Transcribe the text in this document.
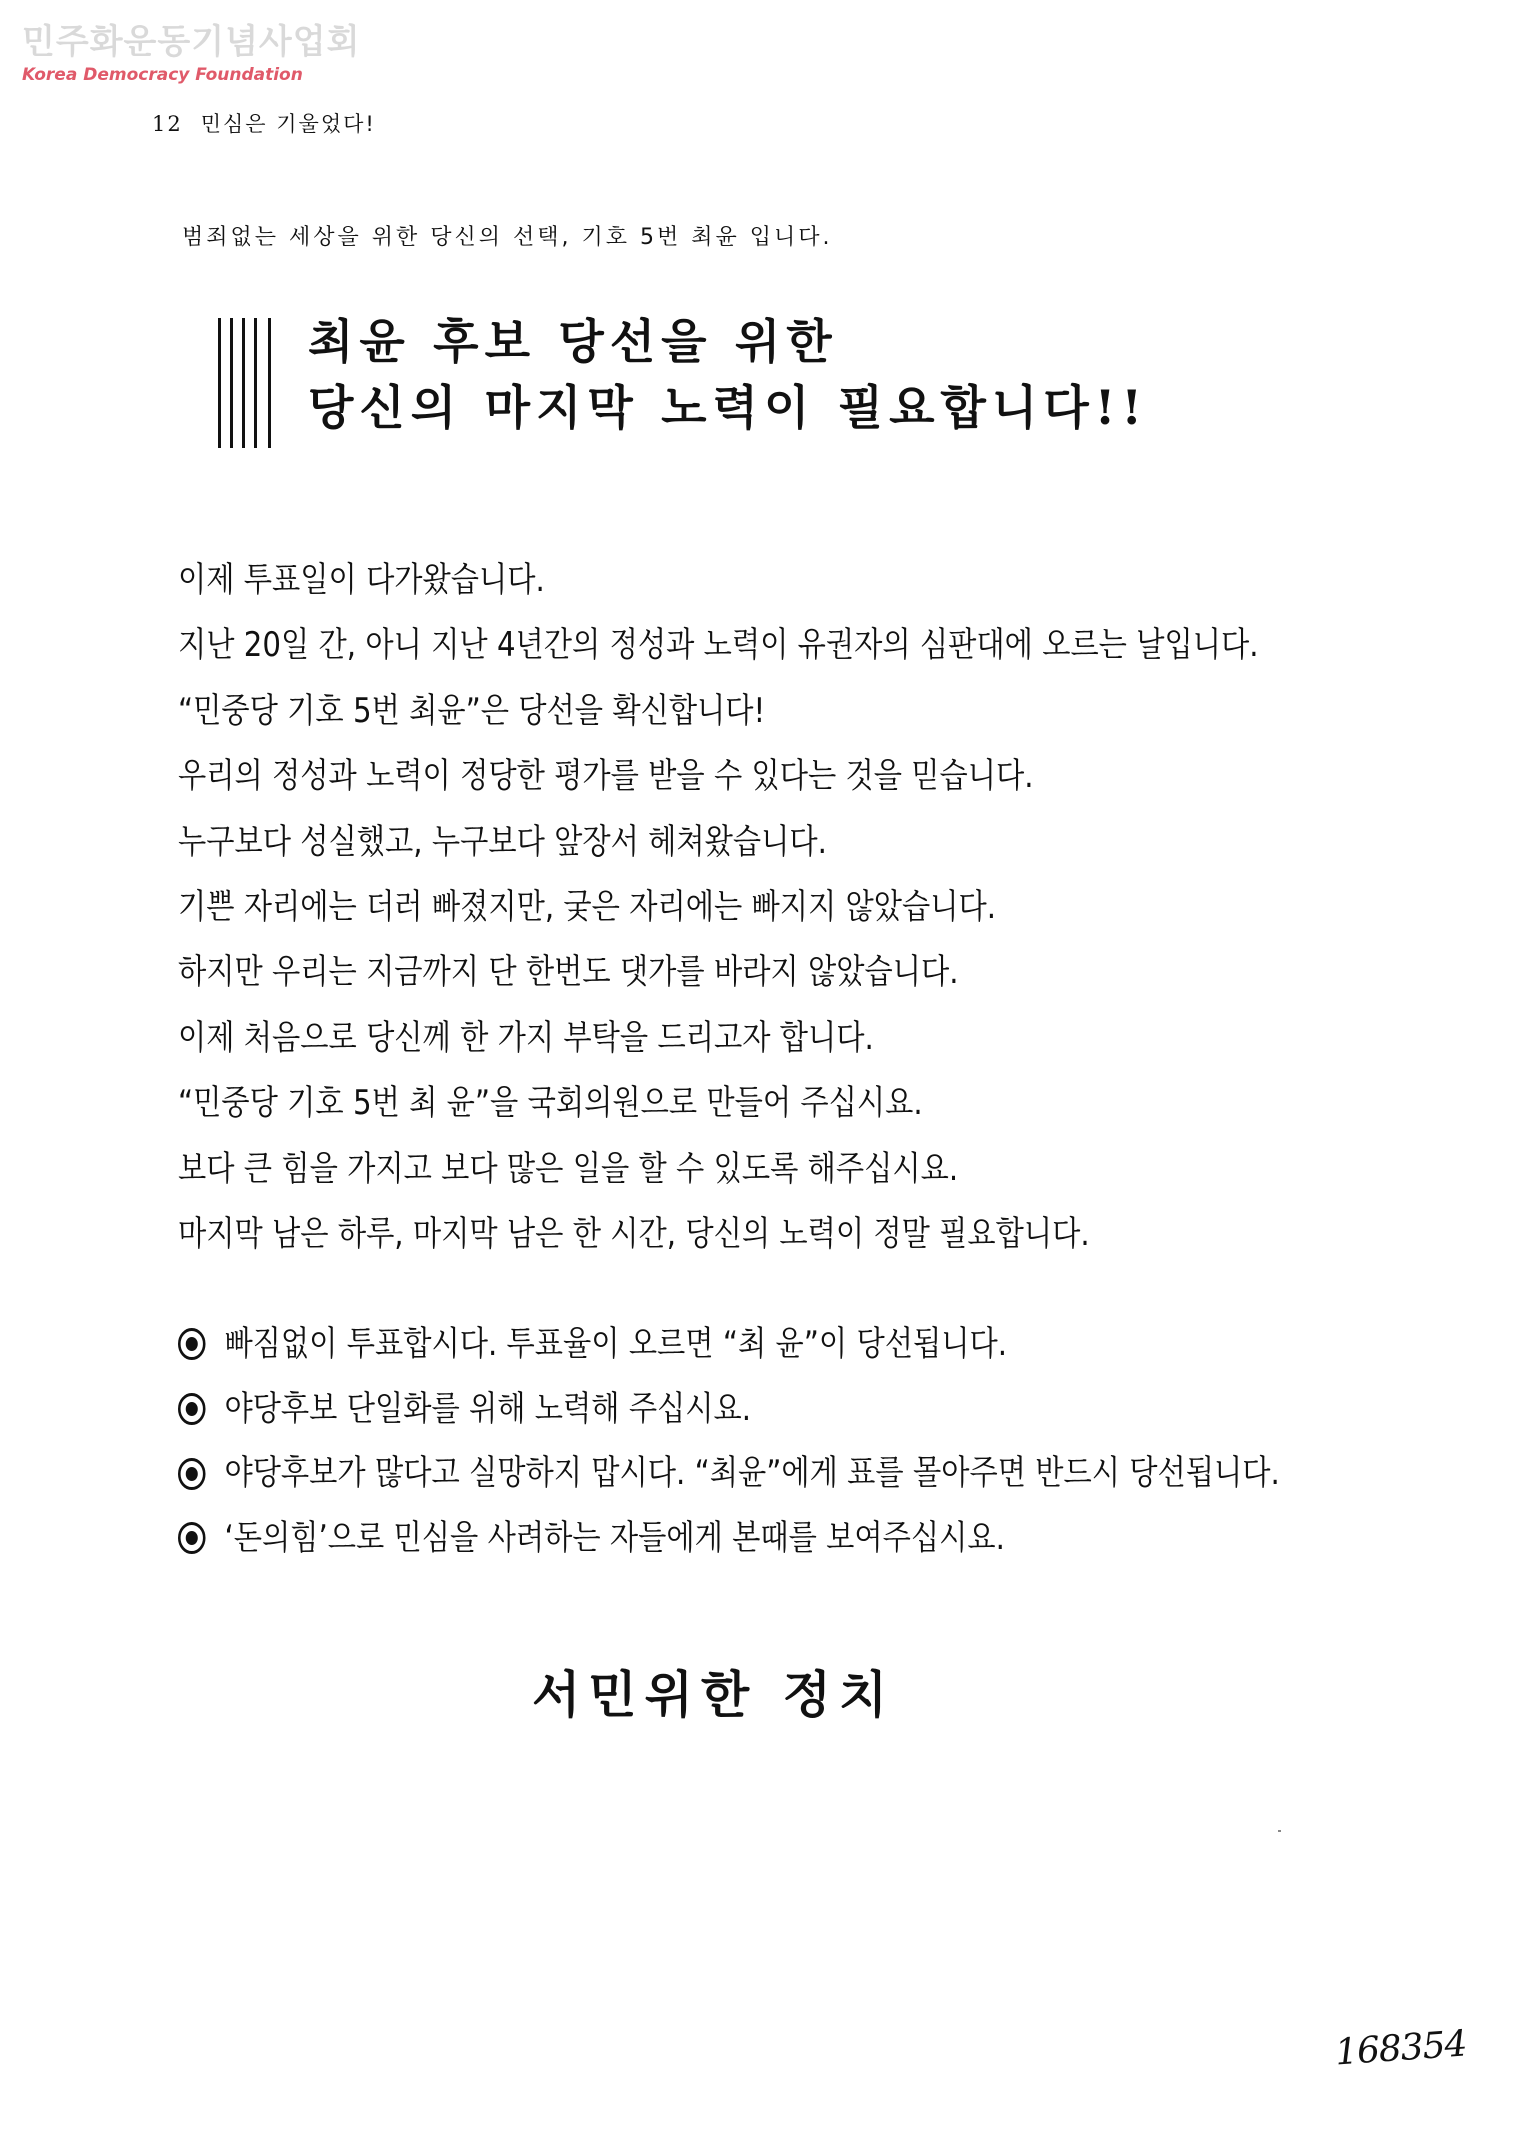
민주화운동기념사업회
Korea Democracy Foundation
12 민심은 기울었다!
범죄없는 세상을 위한 당신의 선택, 기호 5번 최윤 입니다.
최윤 후보 당선을 위한
당신의 마지막 노력이 필요합니다!!
이제 투표일이 다가왔습니다.
지난 20일 간, 아니 지난 4년간의 정성과 노력이 유권자의 심판대에 오르는 날입니다.
“민중당 기호 5번 최윤”은 당선을 확신합니다!
우리의 정성과 노력이 정당한 평가를 받을 수 있다는 것을 믿습니다.
누구보다 성실했고, 누구보다 앞장서 헤쳐왔습니다.
기쁜 자리에는 더러 빠졌지만, 궂은 자리에는 빠지지 않았습니다.
하지만 우리는 지금까지 단 한번도 댓가를 바라지 않았습니다.
이제 처음으로 당신께 한 가지 부탁을 드리고자 합니다.
“민중당 기호 5번 최 윤”을 국회의원으로 만들어 주십시요.
보다 큰 힘을 가지고 보다 많은 일을 할 수 있도록 해주십시요.
마지막 남은 하루, 마지막 남은 한 시간, 당신의 노력이 정말 필요합니다.
빠짐없이 투표합시다. 투표율이 오르면 “최 윤”이 당선됩니다.
야당후보 단일화를 위해 노력해 주십시요.
야당후보가 많다고 실망하지 맙시다. “최윤”에게 표를 몰아주면 반드시 당선됩니다.
‘돈의힘’으로 민심을 사려하는 자들에게 본때를 보여주십시요.
서민위한 정치
168354
